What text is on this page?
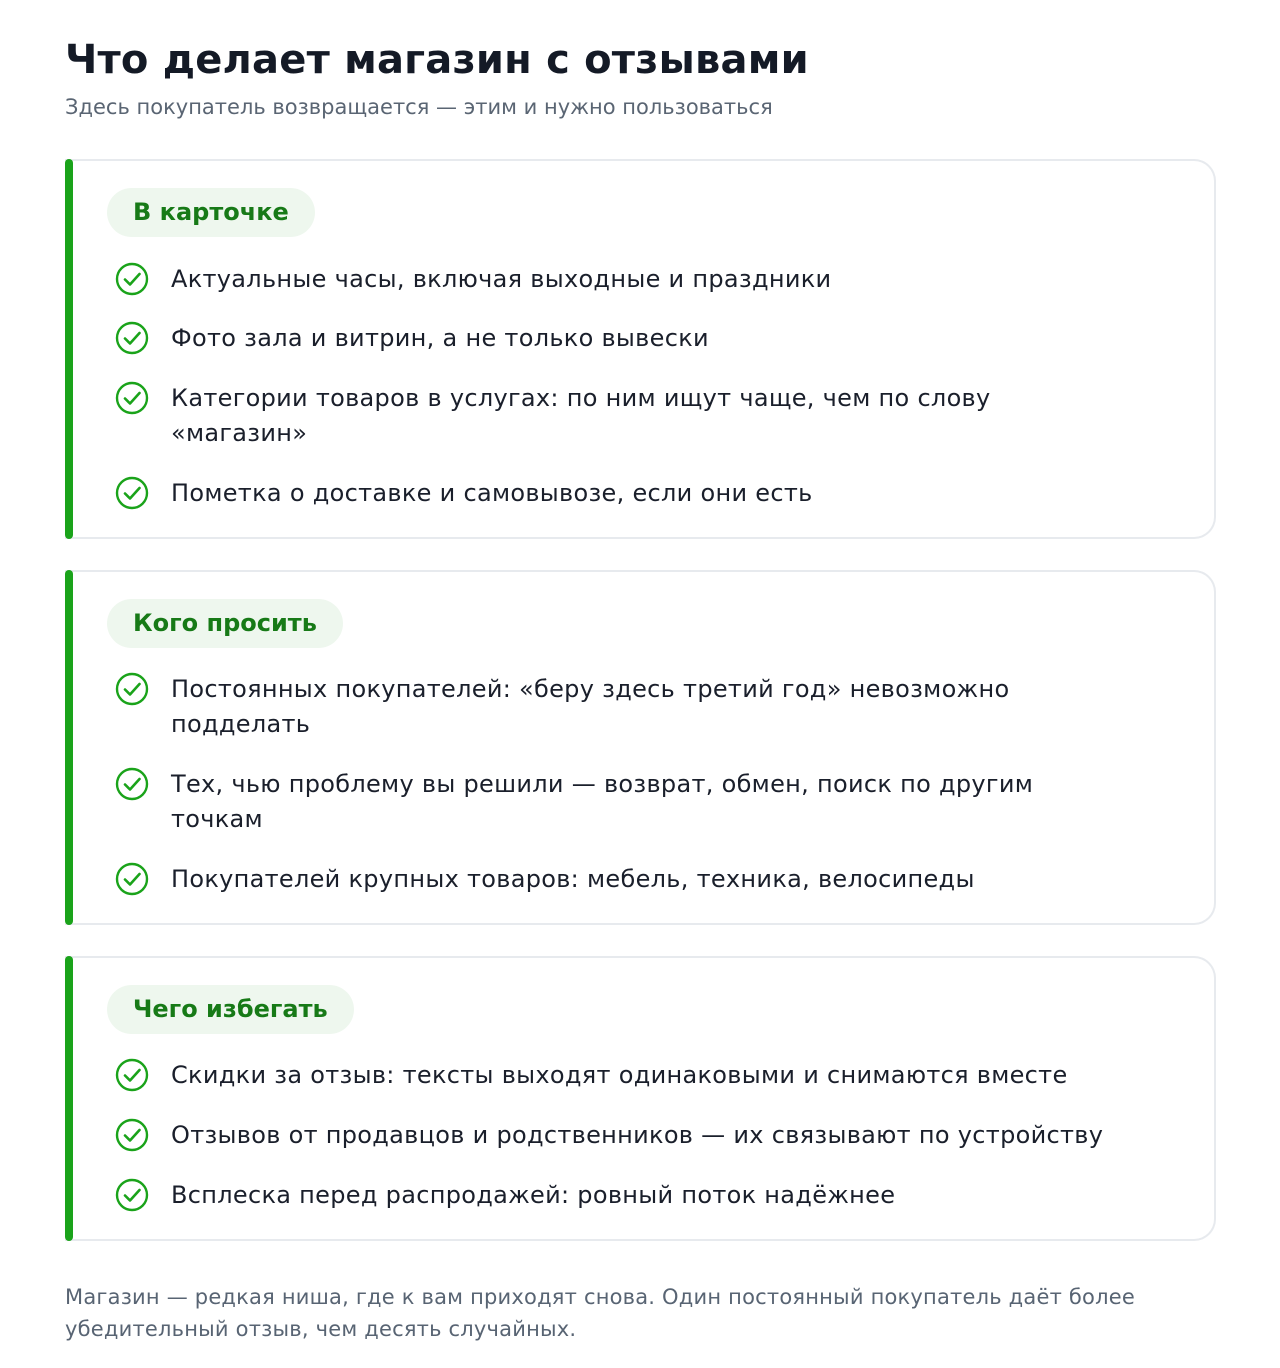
Что делает магазин с отзывами

Здесь покупатель возвращается — этим и нужно пользоваться

В карточке
Актуальные часы, включая выходные и праздники
Фото зала и витрин, а не только вывески
Категории товаров в услугах: по ним ищут чаще, чем по слову «магазин»
Пометка о доставке и самовывозе, если они есть
Кого просить
Постоянных покупателей: «беру здесь третий год» невозможно подделать
Тех, чью проблему вы решили — возврат, обмен, поиск по другим точкам
Покупателей крупных товаров: мебель, техника, велосипеды
Чего избегать
Скидки за отзыв: тексты выходят одинаковыми и снимаются вместе
Отзывов от продавцов и родственников — их связывают по устройству
Всплеска перед распродажей: ровный поток надёжнее

Магазин — редкая ниша, где к вам приходят снова. Один постоянный покупатель даёт более убедительный отзыв, чем десять случайных.
